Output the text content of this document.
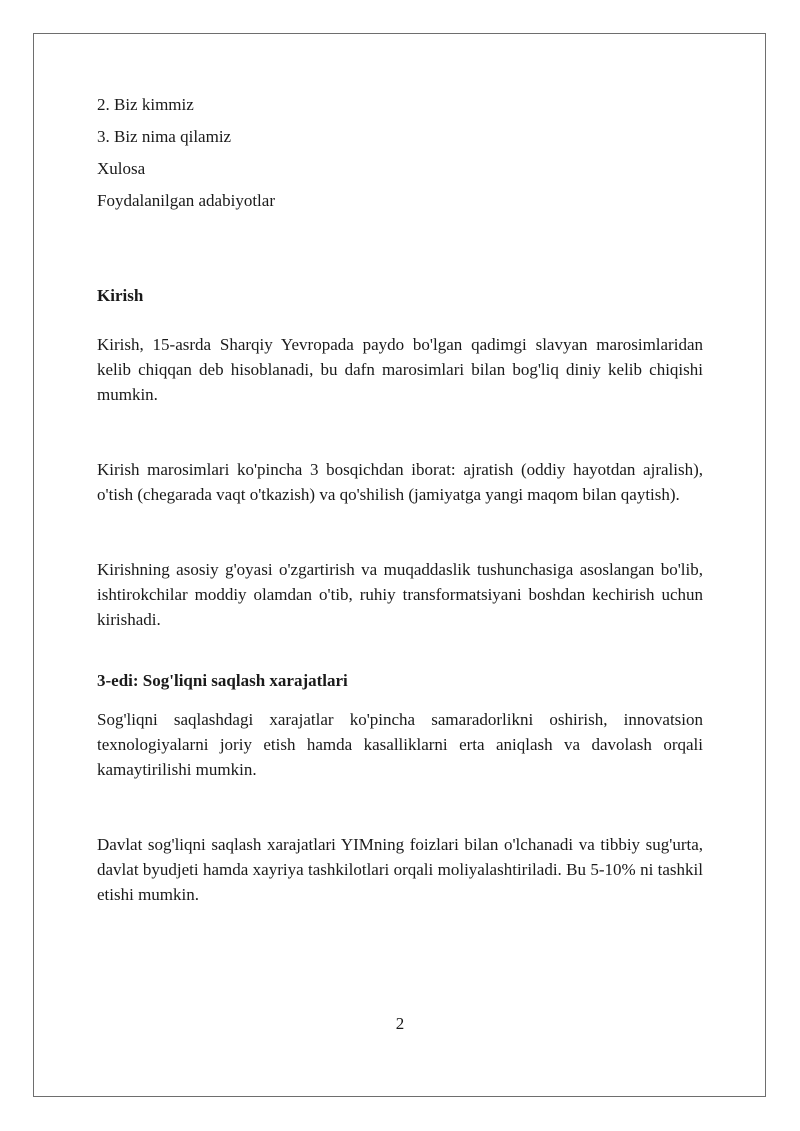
2. Biz kimmiz

3. Biz nima qilamiz

Xulosa

Foydalanilgan adabiyotlar

Kirish

Kirish, 15-asrda Sharqiy Yevropada paydo bo'lgan qadimgi slavyan marosimlaridan kelib chiqqan deb hisoblanadi, bu dafn marosimlari bilan bog'liq diniy kelib chiqishi mumkin.

Kirish marosimlari ko'pincha 3 bosqichdan iborat: ajratish (oddiy hayotdan ajralish), o'tish (chegarada vaqt o'tkazish) va qo'shilish (jamiyatga yangi maqom bilan qaytish).

Kirishning asosiy g'oyasi o'zgartirish va muqaddaslik tushunchasiga asoslangan bo'lib, ishtirokchilar moddiy olamdan o'tib, ruhiy transformatsiyani boshdan kechirish uchun kirishadi.

3-edi: Sog'liqni saqlash xarajatlari

Sog'liqni saqlashdagi xarajatlar ko'pincha samaradorlikni oshirish, innovatsion texnologiyalarni joriy etish hamda kasalliklarni erta aniqlash va davolash orqali kamaytirilishi mumkin.

Davlat sog'liqni saqlash xarajatlari YIMning foizlari bilan o'lchanadi va tibbiy sug'urta, davlat byudjeti hamda xayriya tashkilotlari orqali moliyalashtiriladi. Bu 5-10% ni tashkil etishi mumkin.

2
